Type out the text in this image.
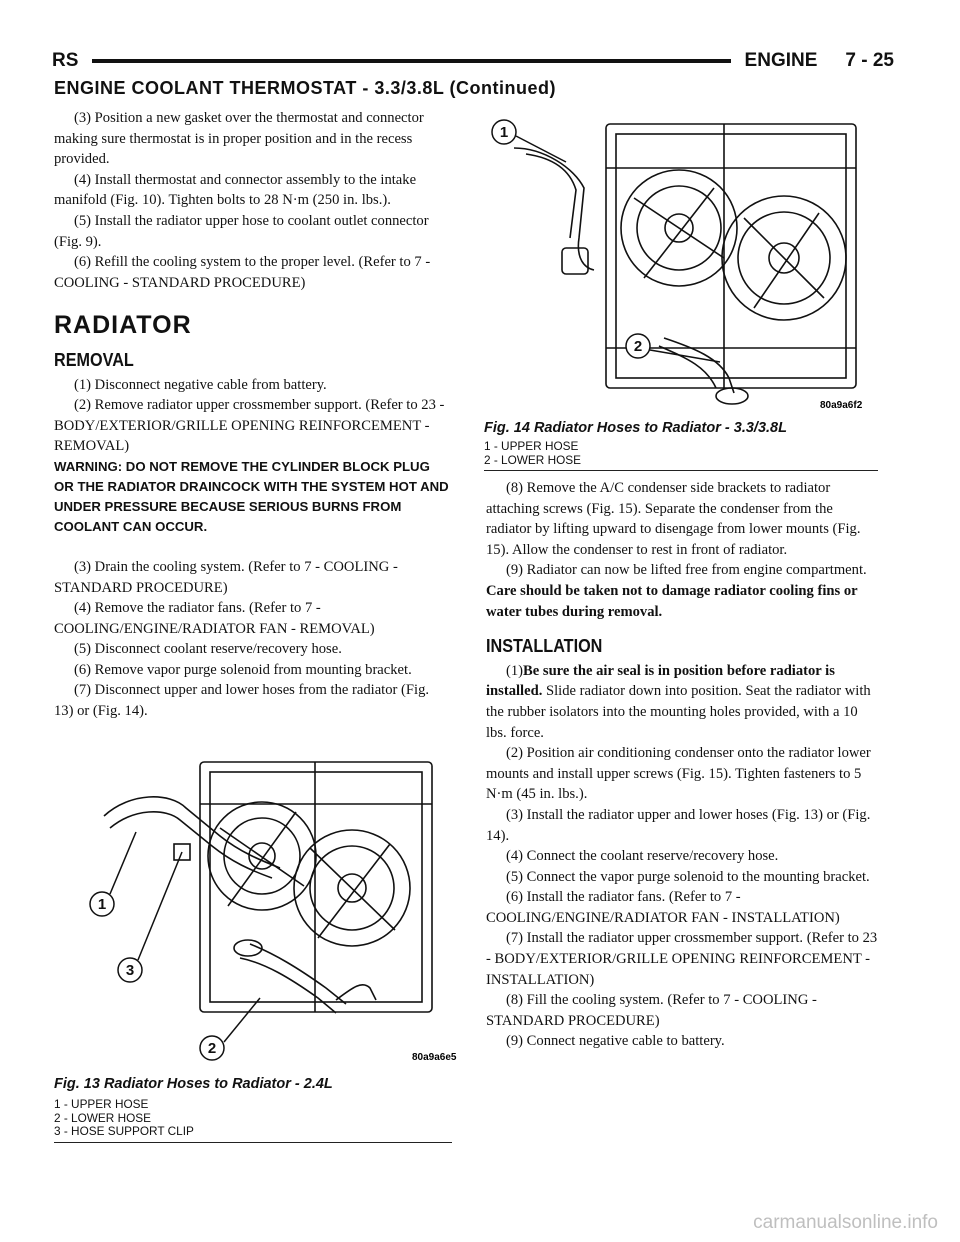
RS	ENGINE 7 - 25
ENGINE COOLANT THERMOSTAT - 3.3/3.8L (Continued)

(3) Position a new gasket over the thermostat and connector making sure thermostat is in proper position and in the recess provided.

(4) Install thermostat and connector assembly to the intake manifold (Fig. 10). Tighten bolts to 28 N·m (250 in. lbs.).

(5) Install the radiator upper hose to coolant outlet connector (Fig. 9).

(6) Refill the cooling system to the proper level. (Refer to 7 - COOLING - STANDARD PROCEDURE)

RADIATOR
REMOVAL

(1) Disconnect negative cable from battery.

(2) Remove radiator upper crossmember support. (Refer to 23 - BODY/EXTERIOR/GRILLE OPENING REINFORCEMENT - REMOVAL)

WARNING: DO NOT REMOVE THE CYLINDER BLOCK PLUG OR THE RADIATOR DRAINCOCK WITH THE SYSTEM HOT AND UNDER PRESSURE BECAUSE SERIOUS BURNS FROM COOLANT CAN OCCUR.

(3) Drain the cooling system. (Refer to 7 - COOLING - STANDARD PROCEDURE)

(4) Remove the radiator fans. (Refer to 7 - COOLING/ENGINE/RADIATOR FAN - REMOVAL)

(5) Disconnect coolant reserve/recovery hose.

(6) Remove vapor purge solenoid from mounting bracket.

(7) Disconnect upper and lower hoses from the radiator (Fig. 13) or (Fig. 14).

1
2
80a9a6f2
Fig. 14 Radiator Hoses to Radiator - 3.3/3.8L
1 - UPPER HOSE
2 - LOWER HOSE

(8) Remove the A/C condenser side brackets to radiator attaching screws (Fig. 15). Separate the condenser from the radiator by lifting upward to disengage from lower mounts (Fig. 15). Allow the condenser to rest in front of radiator.

(9) Radiator can now be lifted free from engine compartment. Care should be taken not to damage radiator cooling fins or water tubes during removal.

INSTALLATION

(1)Be sure the air seal is in position before radiator is installed. Slide radiator down into position. Seat the radiator with the rubber isolators into the mounting holes provided, with a 10 lbs. force.

(2) Position air conditioning condenser onto the radiator lower mounts and install upper screws (Fig. 15). Tighten fasteners to 5 N·m (45 in. lbs.).

(3) Install the radiator upper and lower hoses (Fig. 13) or (Fig. 14).

(4) Connect the coolant reserve/recovery hose.

(5) Connect the vapor purge solenoid to the mounting bracket.

(6) Install the radiator fans. (Refer to 7 - COOLING/ENGINE/RADIATOR FAN - INSTALLATION)

(7) Install the radiator upper crossmember support. (Refer to 23 - BODY/EXTERIOR/GRILLE OPENING REINFORCEMENT - INSTALLATION)

(8) Fill the cooling system. (Refer to 7 - COOLING - STANDARD PROCEDURE)

(9) Connect negative cable to battery.

1
2
3
80a9a6e5
Fig. 13 Radiator Hoses to Radiator - 2.4L
1 - UPPER HOSE
2 - LOWER HOSE
3 - HOSE SUPPORT CLIP
carmanualsonline.info
